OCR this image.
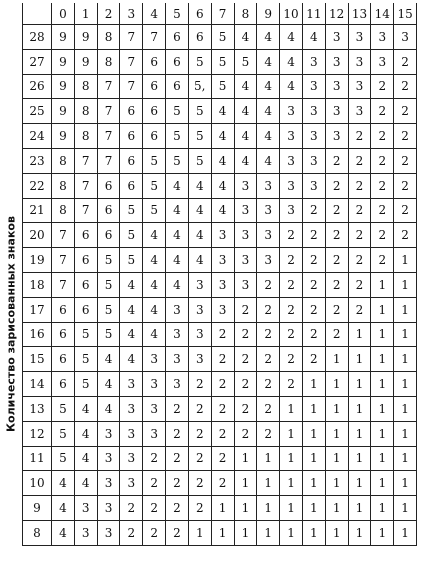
Количество зарисованных знаков
	0	1	2	3	4	5	6	7	8	9	10	11	12	13	14	15
28	9	9	8	7	7	6	6	5	4	4	4	4	3	3	3	3
27	9	9	8	7	6	6	5	5	5	4	4	3	3	3	3	2
26	9	8	7	7	6	6	5,	5	4	4	4	3	3	3	2	2
25	9	8	7	6	6	5	5	4	4	4	3	3	3	3	2	2
24	9	8	7	6	6	5	5	4	4	4	3	3	3	2	2	2
23	8	7	7	6	5	5	5	4	4	4	3	3	2	2	2	2
22	8	7	6	6	5	4	4	4	3	3	3	3	2	2	2	2
21	8	7	6	5	5	4	4	4	3	3	3	2	2	2	2	2
20	7	6	6	5	4	4	4	3	3	3	2	2	2	2	2	2
19	7	6	5	5	4	4	4	3	3	3	2	2	2	2	2	1
18	7	6	5	4	4	4	3	3	3	2	2	2	2	2	1	1
17	6	6	5	4	4	3	3	3	2	2	2	2	2	2	1	1
16	6	5	5	4	4	3	3	2	2	2	2	2	2	1	1	1
15	6	5	4	4	3	3	3	2	2	2	2	2	1	1	1	1
14	6	5	4	3	3	3	2	2	2	2	2	1	1	1	1	1
13	5	4	4	3	3	2	2	2	2	2	1	1	1	1	1	1
12	5	4	3	3	3	2	2	2	2	2	1	1	1	1	1	1
11	5	4	3	3	2	2	2	2	1	1	1	1	1	1	1	1
10	4	4	3	3	2	2	2	2	1	1	1	1	1	1	1	1
9	4	3	3	2	2	2	2	1	1	1	1	1	1	1	1	1
8	4	3	3	2	2	2	1	1	1	1	1	1	1	1	1	1
